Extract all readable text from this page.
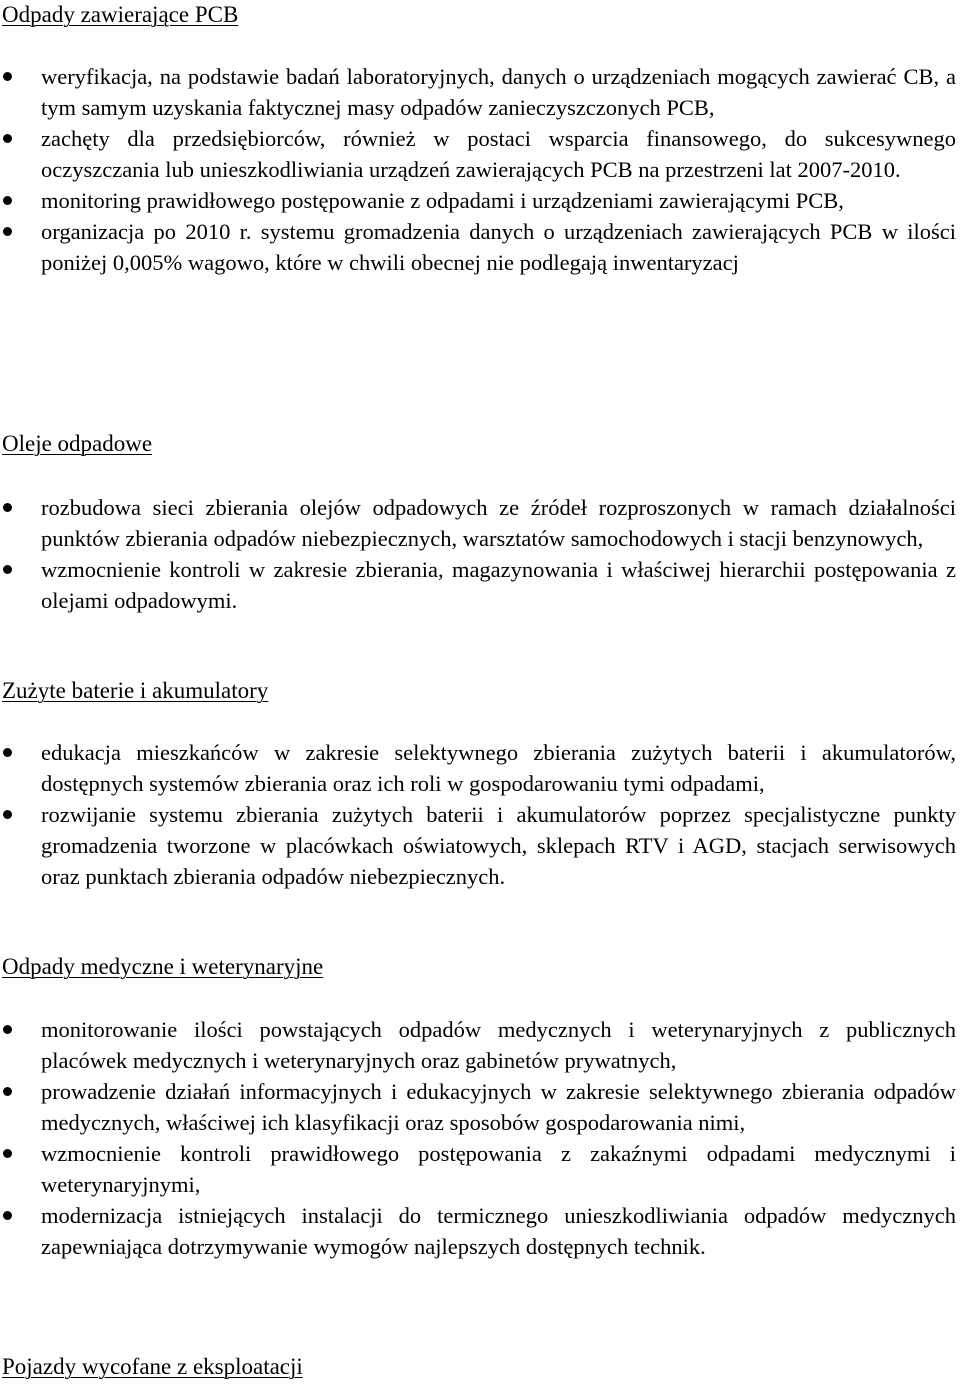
Odpady zawierające PCB
weryfikacja, na podstawie badań laboratoryjnych, danych o urządzeniach mogących zawierać CB, a tym samym uzyskania faktycznej masy odpadów zanieczyszczonych PCB,
zachęty dla przedsiębiorców, również w postaci wsparcia finansowego, do sukcesywnego oczyszczania lub unieszkodliwiania urządzeń zawierających PCB na przestrzeni lat 2007-2010.
monitoring prawidłowego postępowanie z odpadami i urządzeniami zawierającymi PCB,
organizacja po 2010 r. systemu gromadzenia danych o urządzeniach zawierających PCB w ilości poniżej 0,005% wagowo, które w chwili obecnej nie podlegają inwentaryzacj
Oleje odpadowe
rozbudowa sieci zbierania olejów odpadowych ze źródeł rozproszonych w ramach działalności punktów zbierania odpadów niebezpiecznych, warsztatów samochodowych i stacji benzynowych,
wzmocnienie kontroli w zakresie zbierania, magazynowania i właściwej hierarchii postępowania z olejami odpadowymi.
Zużyte baterie i akumulatory
edukacja mieszkańców w zakresie selektywnego zbierania zużytych baterii i akumulatorów, dostępnych systemów zbierania oraz ich roli w gospodarowaniu tymi odpadami,
rozwijanie systemu zbierania zużytych baterii i akumulatorów poprzez specjalistyczne punkty gromadzenia tworzone w placówkach oświatowych, sklepach RTV i AGD, stacjach serwisowych oraz punktach zbierania odpadów niebezpiecznych.
Odpady medyczne i weterynaryjne
monitorowanie ilości powstających odpadów medycznych i weterynaryjnych z publicznych placówek medycznych i weterynaryjnych oraz gabinetów prywatnych,
prowadzenie działań informacyjnych i edukacyjnych w zakresie selektywnego zbierania odpadów medycznych, właściwej ich klasyfikacji oraz sposobów gospodarowania nimi,
wzmocnienie kontroli prawidłowego postępowania z zakaźnymi odpadami medycznymi i weterynaryjnymi,
modernizacja istniejących instalacji do termicznego unieszkodliwiania odpadów medycznych zapewniająca dotrzymywanie wymogów najlepszych dostępnych technik.
Pojazdy wycofane z eksploatacji
